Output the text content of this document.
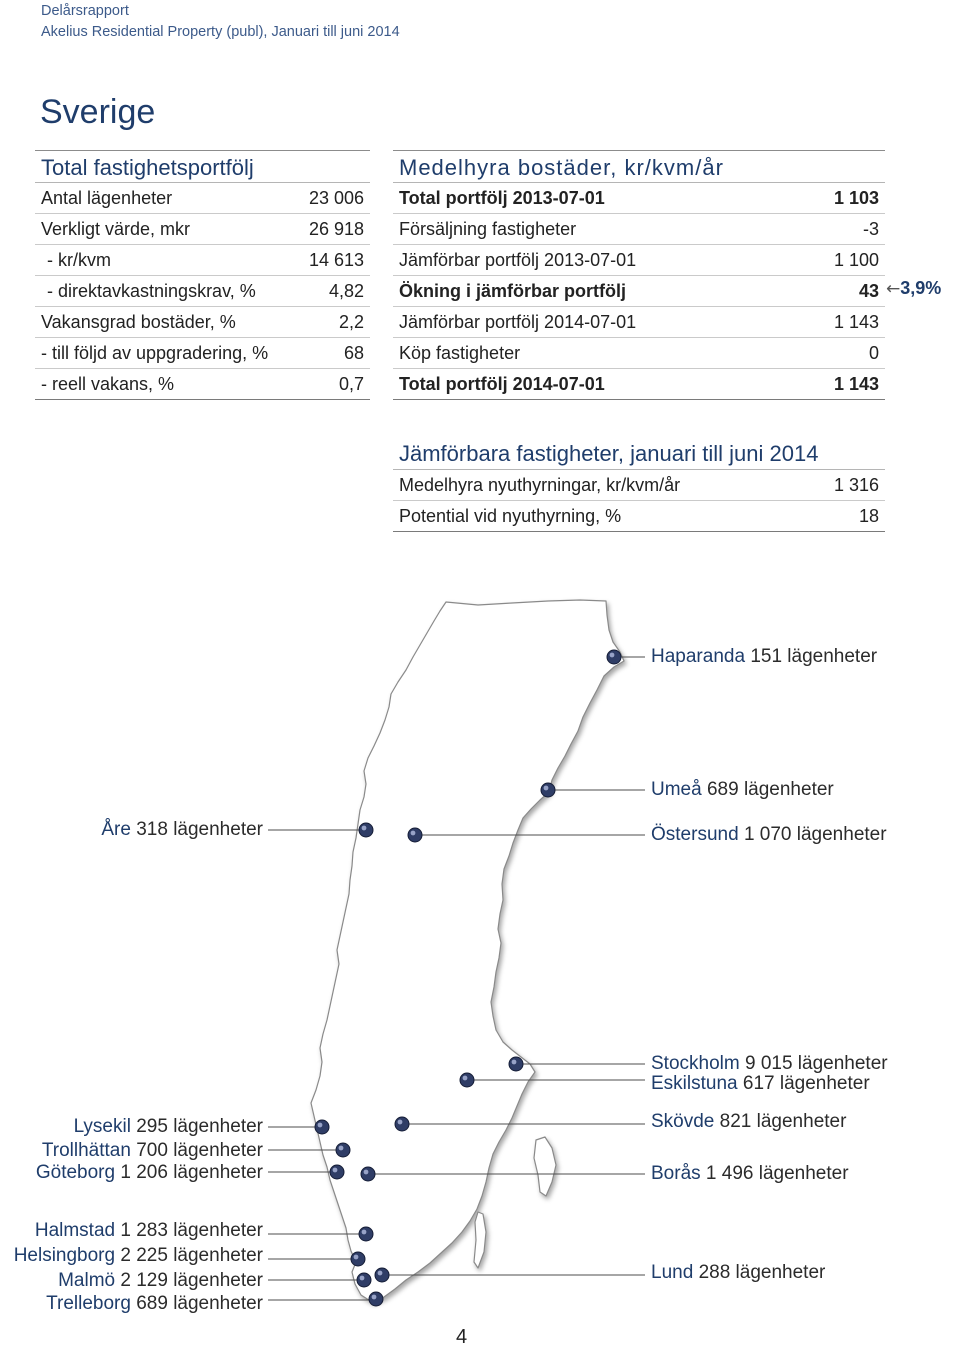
Delårsrapport
Akelius Residential Property (publ), Januari till juni 2014
Sverige
Total fastighetsportfölj
Antal lägenheter	23 006
Verkligt värde, mkr	26 918
- kr/kvm	14 613
- direktavkastningskrav, %	4,82
Vakansgrad bostäder, %	2,2
- till följd av uppgradering, %	68
- reell vakans, %	0,7
Medelhyra bostäder, kr/kvm/år
Total portfölj 2013-07-01	1 103
Försäljning fastigheter	-3
Jämförbar portfölj 2013-07-01	1 100
Ökning i jämförbar portfölj	43
Jämförbar portfölj 2014-07-01	1 143
Köp fastigheter	0
Total portfölj 2014-07-01	1 143
←3,9%
Jämförbara fastigheter, januari till juni 2014
Medelhyra nyuthyrningar, kr/kvm/år	1 316
Potential vid nyuthyrning, %	18
Haparanda 151 lägenheter
Umeå 689 lägenheter
Östersund 1 070 lägenheter
Stockholm 9 015 lägenheter
Eskilstuna 617 lägenheter
Skövde 821 lägenheter
Borås 1 496 lägenheter
Lund 288 lägenheter
Åre 318 lägenheter
Lysekil 295 lägenheter
Trollhättan 700 lägenheter
Göteborg 1 206 lägenheter
Halmstad 1 283 lägenheter
Helsingborg 2 225 lägenheter
Malmö 2 129 lägenheter
Trelleborg 689 lägenheter
4
